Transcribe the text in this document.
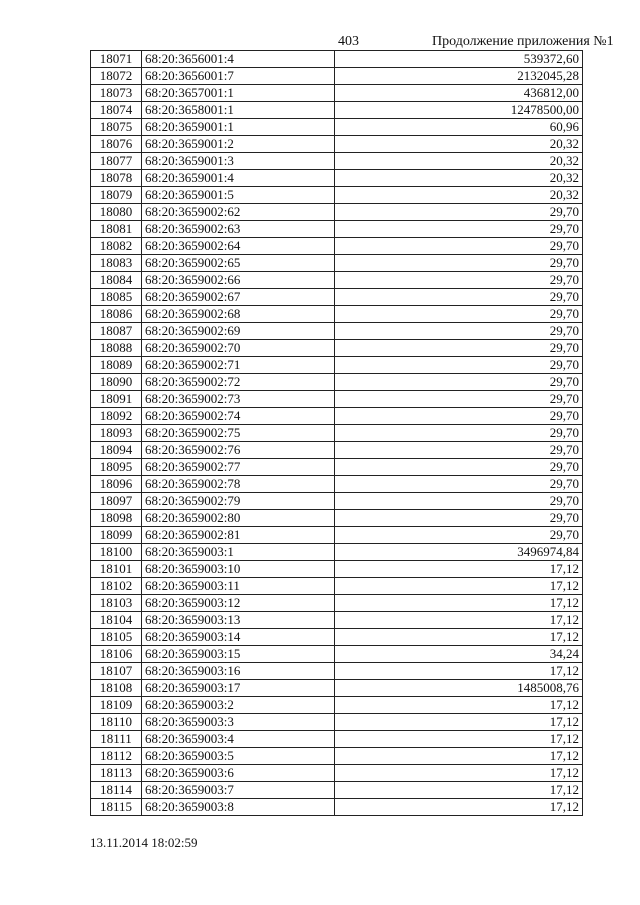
403	Продолжение приложения №1
18071	68:20:3656001:4	539372,60
18072	68:20:3656001:7	2132045,28
18073	68:20:3657001:1	436812,00
18074	68:20:3658001:1	12478500,00
18075	68:20:3659001:1	60,96
18076	68:20:3659001:2	20,32
18077	68:20:3659001:3	20,32
18078	68:20:3659001:4	20,32
18079	68:20:3659001:5	20,32
18080	68:20:3659002:62	29,70
18081	68:20:3659002:63	29,70
18082	68:20:3659002:64	29,70
18083	68:20:3659002:65	29,70
18084	68:20:3659002:66	29,70
18085	68:20:3659002:67	29,70
18086	68:20:3659002:68	29,70
18087	68:20:3659002:69	29,70
18088	68:20:3659002:70	29,70
18089	68:20:3659002:71	29,70
18090	68:20:3659002:72	29,70
18091	68:20:3659002:73	29,70
18092	68:20:3659002:74	29,70
18093	68:20:3659002:75	29,70
18094	68:20:3659002:76	29,70
18095	68:20:3659002:77	29,70
18096	68:20:3659002:78	29,70
18097	68:20:3659002:79	29,70
18098	68:20:3659002:80	29,70
18099	68:20:3659002:81	29,70
18100	68:20:3659003:1	3496974,84
18101	68:20:3659003:10	17,12
18102	68:20:3659003:11	17,12
18103	68:20:3659003:12	17,12
18104	68:20:3659003:13	17,12
18105	68:20:3659003:14	17,12
18106	68:20:3659003:15	34,24
18107	68:20:3659003:16	17,12
18108	68:20:3659003:17	1485008,76
18109	68:20:3659003:2	17,12
18110	68:20:3659003:3	17,12
18111	68:20:3659003:4	17,12
18112	68:20:3659003:5	17,12
18113	68:20:3659003:6	17,12
18114	68:20:3659003:7	17,12
18115	68:20:3659003:8	17,12
13.11.2014 18:02:59
